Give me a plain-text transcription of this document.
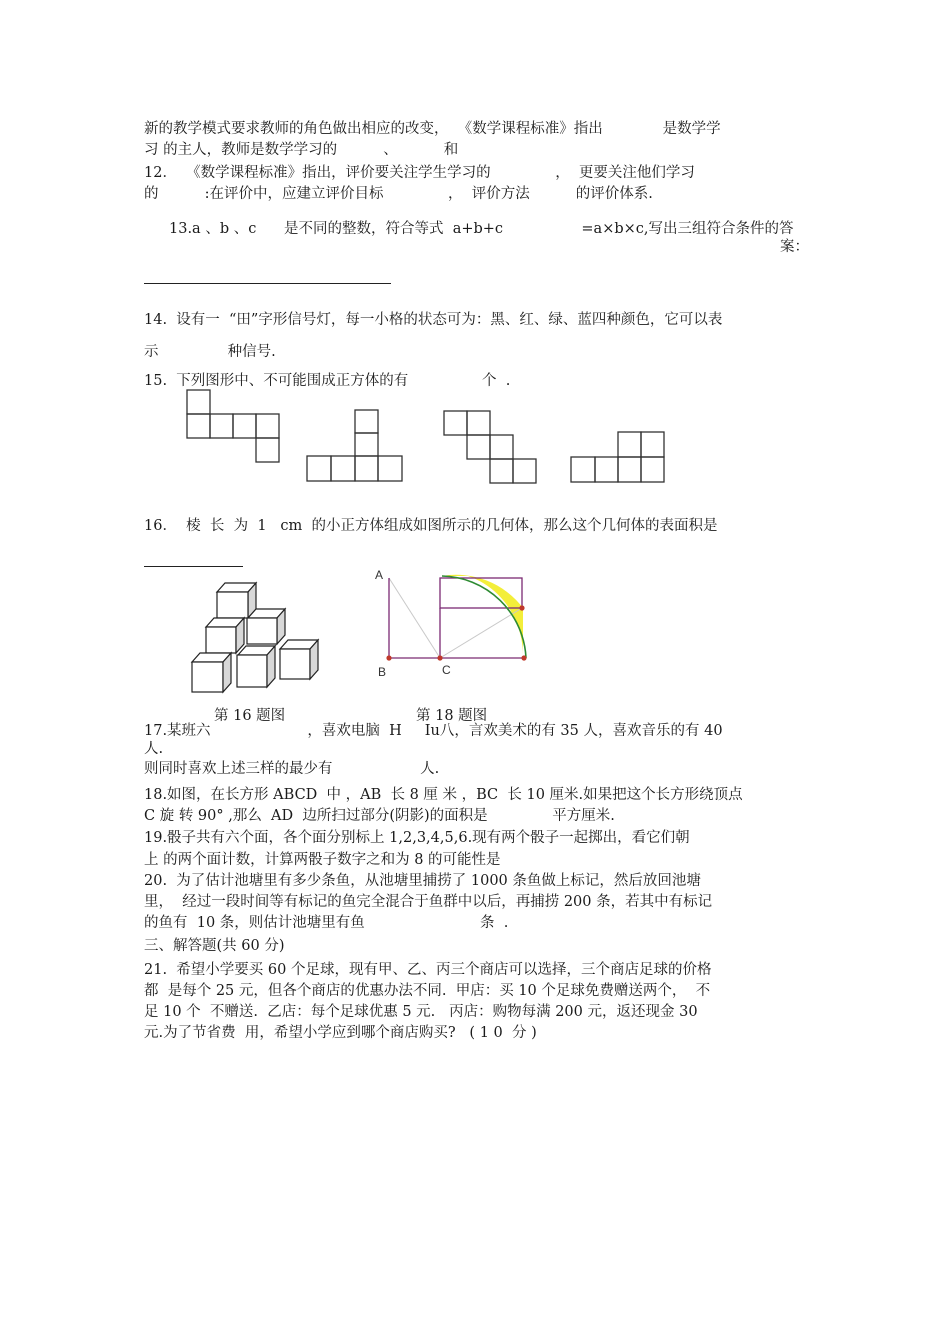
新的教学模式要求教师的角色做出相应的改变，  《数学课程标准》指出             是数学学
习 的主人，教师是数学学习的          、          和
12．  《数学课程标准》指出，评价要关注学生学习的              ，  更要关注他们学习
的          :在评价中，应建立评价目标              ，  评价方法          的评价体系.
13.a 、b 、c      是不同的整数，符合等式  a+b+c                 =a×b×c,写出三组符合条件的答
案：
14.  设有一  “田”字形信号灯，每一小格的状态可为：黑、红、绿、蓝四种颜色，它可以表
示               种信号.
15.  下列图形中、不可能围成正方体的有                个  .
16．  棱  长  为  1   cm  的小正方体组成如图所示的几何体，那么这个几何体的表面积是
A
B	C
第 16 题图	第 18 题图
17.某班六                     ，喜欢电脑  H     Iu八，言欢美术的有 35 人，喜欢音乐的有 40
人.
则同时喜欢上述三样的最少有                   人.
18.如图，在长方形 ABCD  中 ，AB  长 8 厘 米 ，BC  长 10 厘米.如果把这个长方形绕顶点
C 旋 转 90° ,那么  AD  边所扫过部分(阴影)的面积是              平方厘米.
19.骰子共有六个面，各个面分别标上 1,2,3,4,5,6.现有两个骰子一起掷出，看它们朝
上 的两个面计数，计算两骰子数字之和为 8 的可能性是
20.  为了估计池塘里有多少条鱼，从池塘里捕捞了 1000 条鱼做上标记，然后放回池塘
里，  经过一段时间等有标记的鱼完全混合于鱼群中以后，再捕捞 200 条，若其中有标记
的鱼有  10 条，则估计池塘里有鱼                         条  .
三、解答题(共 60 分)
21.  希望小学要买 60 个足球，现有甲、乙、丙三个商店可以选择，三个商店足球的价格
都  是每个 25 元，但各个商店的优惠办法不同.  甲店：买 10 个足球免费赠送两个，  不
足 10 个  不赠送.  乙店：每个足球优惠 5 元.   丙店：购物每满 200 元，返还现金 30
元.为了节省费  用，希望小学应到哪个商店购买?   ( 1 0  分 )
